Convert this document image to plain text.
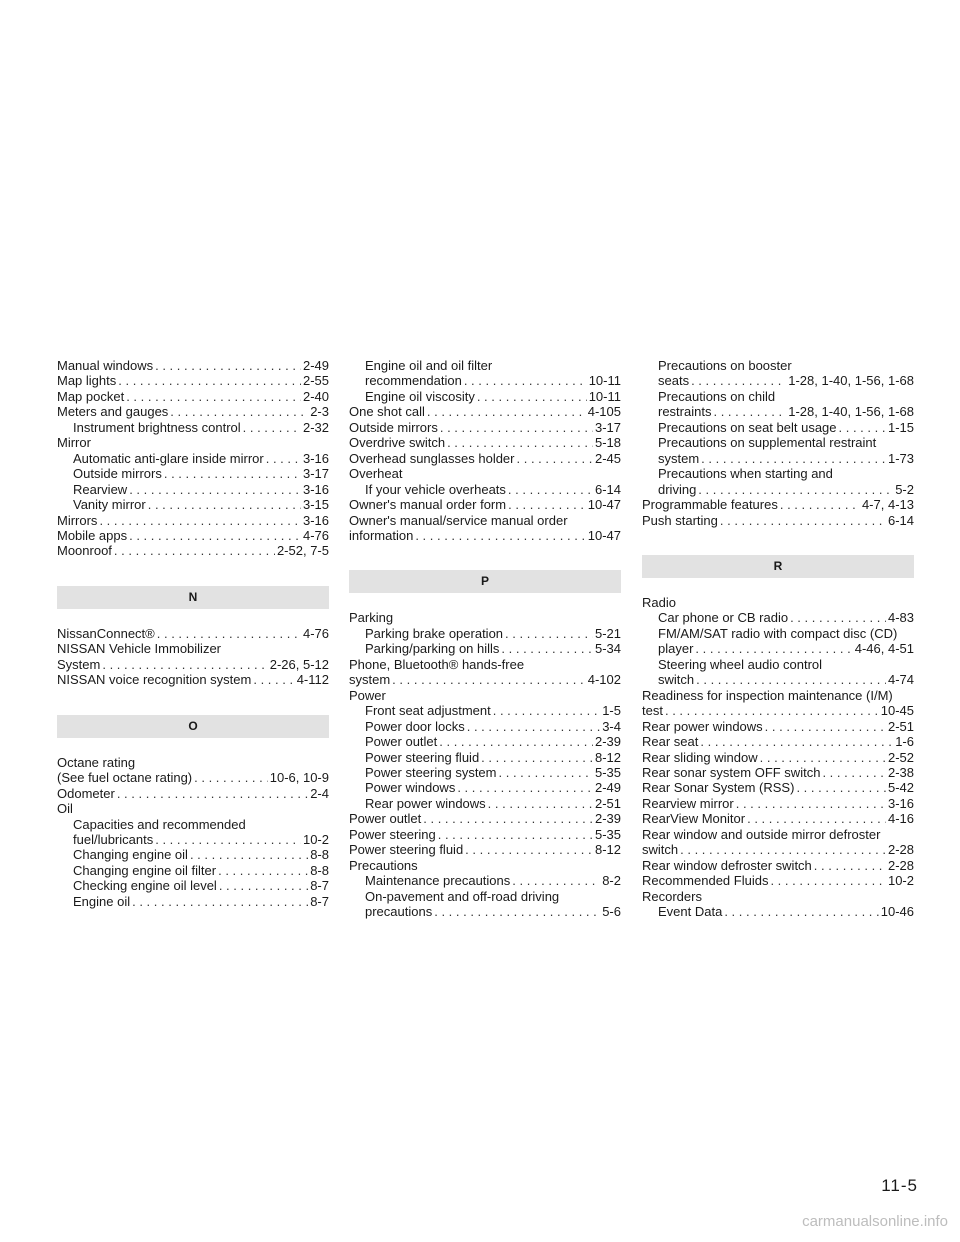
Manual windows . . .	2-49
Map lights . . .	2-55
Map pocket . . .	2-40
Meters and gauges . . .	2-3
Instrument brightness control . . .	2-32
Mirror
Automatic anti-glare inside mirror . . .	3-16
Outside mirrors . . .	3-17
Rearview . . .	3-16
Vanity mirror . . .	3-15
Mirrors . . .	3-16
Mobile apps . . .	4-76
Moonroof . . .	2-52, 7-5
N
NissanConnect® . . .	4-76
NISSAN Vehicle Immobilizer
System . . .	2-26, 5-12
NISSAN voice recognition system . . .	4-112
O
Octane rating
(See fuel octane rating) . . .	10-6, 10-9
Odometer . . .	2-4
Oil
Capacities and recommended
fuel/lubricants . . .	10-2
Changing engine oil . . .	8-8
Changing engine oil filter . . .	8-8
Checking engine oil level . . .	8-7
Engine oil . . .	8-7
Engine oil and oil filter
recommendation . . .	10-11
Engine oil viscosity . . .	10-11
One shot call . . .	4-105
Outside mirrors . . .	3-17
Overdrive switch . . .	5-18
Overhead sunglasses holder . . .	2-45
Overheat
If your vehicle overheats . . .	6-14
Owner's manual order form . . .	10-47
Owner's manual/service manual order
information . . .	10-47
P
Parking
Parking brake operation . . .	5-21
Parking/parking on hills . . .	5-34
Phone, Bluetooth® hands-free
system . . .	4-102
Power
Front seat adjustment . . .	1-5
Power door locks . . .	3-4
Power outlet . . .	2-39
Power steering fluid . . .	8-12
Power steering system . . .	5-35
Power windows . . .	2-49
Rear power windows . . .	2-51
Power outlet . . .	2-39
Power steering . . .	5-35
Power steering fluid . . .	8-12
Precautions
Maintenance precautions . . .	8-2
On-pavement and off-road driving
precautions . . .	5-6
Precautions on booster
seats . . .	1-28, 1-40, 1-56, 1-68
Precautions on child
restraints . . .	1-28, 1-40, 1-56, 1-68
Precautions on seat belt usage . . .	1-15
Precautions on supplemental restraint
system . . .	1-73
Precautions when starting and
driving . . .	5-2
Programmable features . . .	4-7, 4-13
Push starting . . .	6-14
R
Radio
Car phone or CB radio . . .	4-83
FM/AM/SAT radio with compact disc (CD)
player . . .	4-46, 4-51
Steering wheel audio control
switch . . .	4-74
Readiness for inspection maintenance (I/M)
test . . .	10-45
Rear power windows . . .	2-51
Rear seat . . .	1-6
Rear sliding window . . .	2-52
Rear sonar system OFF switch . . .	2-38
Rear Sonar System (RSS) . . .	5-42
Rearview mirror . . .	3-16
RearView Monitor . . .	4-16
Rear window and outside mirror defroster
switch . . .	2-28
Rear window defroster switch . . .	2-28
Recommended Fluids . . .	10-2
Recorders
Event Data . . .	10-46
11-5
carmanualsonline.info
